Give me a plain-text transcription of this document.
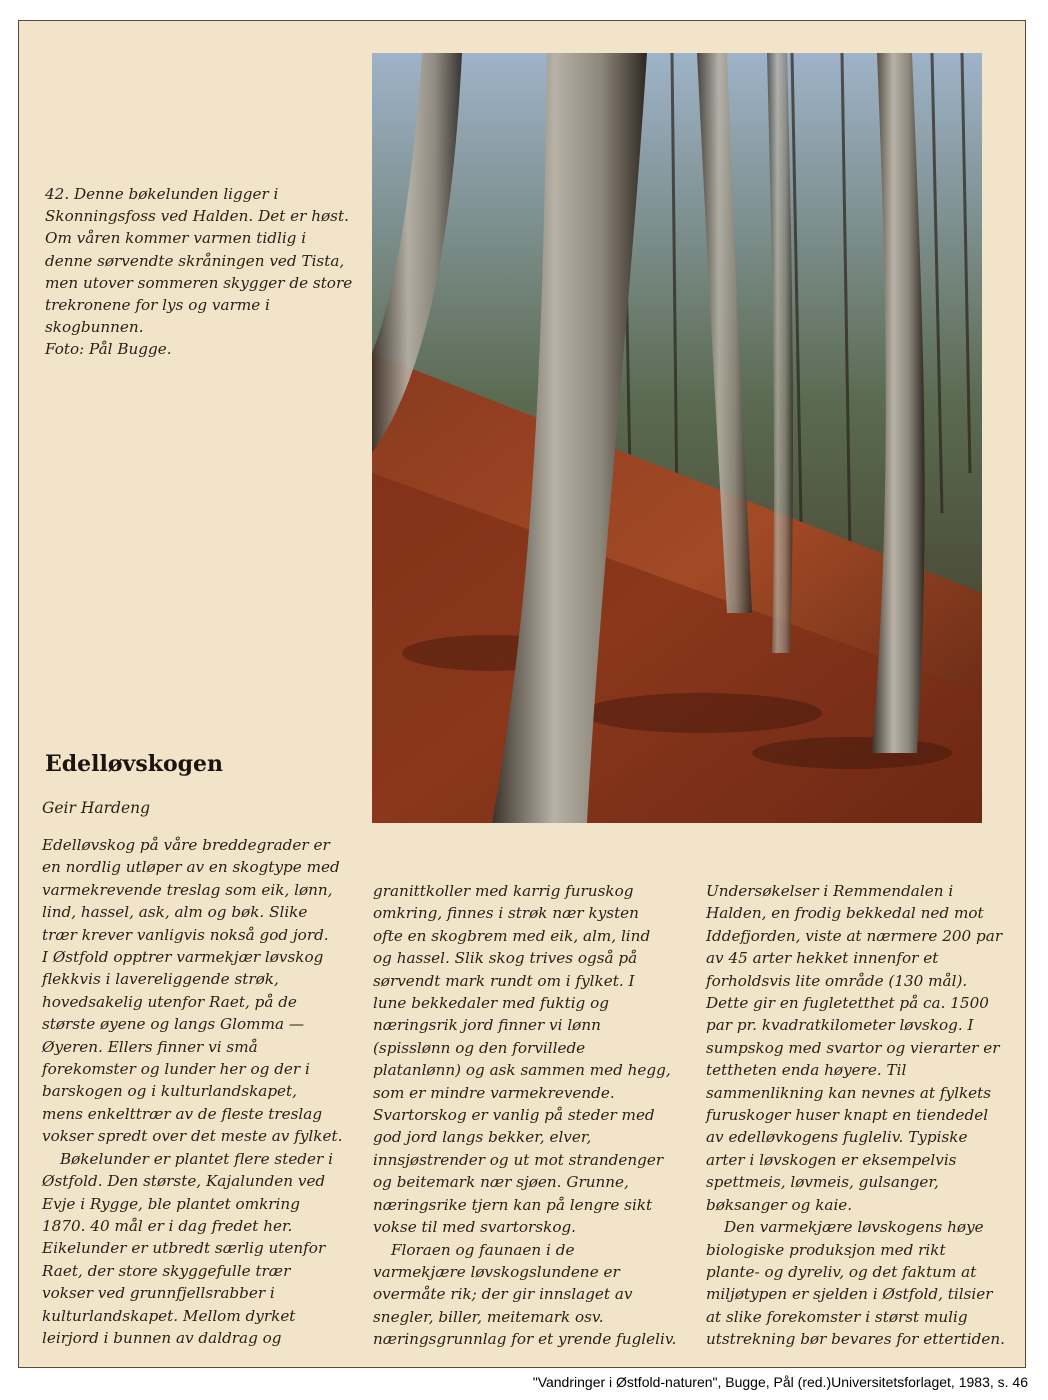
42. Denne bøkelunden ligger i

Skonningsfoss ved Halden. Det er høst.

Om våren kommer varmen tidlig i

denne sørvendte skråningen ved Tista,

men utover sommeren skygger de store

trekronene for lys og varme i

skogbunnen.

Foto: Pål Bugge.

Edelløvskogen
Geir Hardeng
Edelløvskog på våre breddegrader er
en nordlig utløper av en skogtype med
varmekrevende treslag som eik, lønn,
lind, hassel, ask, alm og bøk. Slike
trær krever vanligvis nokså god jord.
I Østfold opptrer varmekjær løvskog
flekkvis i lavereliggende strøk,
hovedsakelig utenfor Raet, på de
største øyene og langs Glomma —
Øyeren. Ellers finner vi små
forekomster og lunder her og der i
barskogen og i kulturlandskapet,
mens enkelttrær av de fleste treslag
vokser spredt over det meste av fylket.
Bøkelunder er plantet flere steder i
Østfold. Den største, Kajalunden ved
Evje i Rygge, ble plantet omkring
1870. 40 mål er i dag fredet her.
Eikelunder er utbredt særlig utenfor
Raet, der store skyggefulle trær
vokser ved grunnfjellsrabber i
kulturlandskapet. Mellom dyrket
leirjord i bunnen av daldrag og
granittkoller med karrig furuskog
omkring, finnes i strøk nær kysten
ofte en skogbrem med eik, alm, lind
og hassel. Slik skog trives også på
sørvendt mark rundt om i fylket. I
lune bekkedaler med fuktig og
næringsrik jord finner vi lønn
(spisslønn og den forvillede
platanlønn) og ask sammen med hegg,
som er mindre varmekrevende.
Svartorskog er vanlig på steder med
god jord langs bekker, elver,
innsjøstrender og ut mot strandenger
og beitemark nær sjøen. Grunne,
næringsrike tjern kan på lengre sikt
vokse til med svartorskog.
Floraen og faunaen i de
varmekjære løvskogslundene er
overmåte rik; der gir innslaget av
snegler, biller, meitemark osv.
næringsgrunnlag for et yrende fugleliv.
Undersøkelser i Remmendalen i
Halden, en frodig bekkedal ned mot
Iddefjorden, viste at nærmere 200 par
av 45 arter hekket innenfor et
forholdsvis lite område (130 mål).
Dette gir en fugletetthet på ca. 1500
par pr. kvadratkilometer løvskog. I
sumpskog med svartor og vierarter er
tettheten enda høyere. Til
sammenlikning kan nevnes at fylkets
furuskoger huser knapt en tiendedel
av edelløvkogens fugleliv. Typiske
arter i løvskogen er eksempelvis
spettmeis, løvmeis, gulsanger,
bøksanger og kaie.
Den varmekjære løvskogens høye
biologiske produksjon med rikt
plante- og dyreliv, og det faktum at
miljøtypen er sjelden i Østfold, tilsier
at slike forekomster i størst mulig
utstrekning bør bevares for ettertiden.
"Vandringer i Østfold-naturen", Bugge, Pål (red.)Universitetsforlaget, 1983, s. 46
